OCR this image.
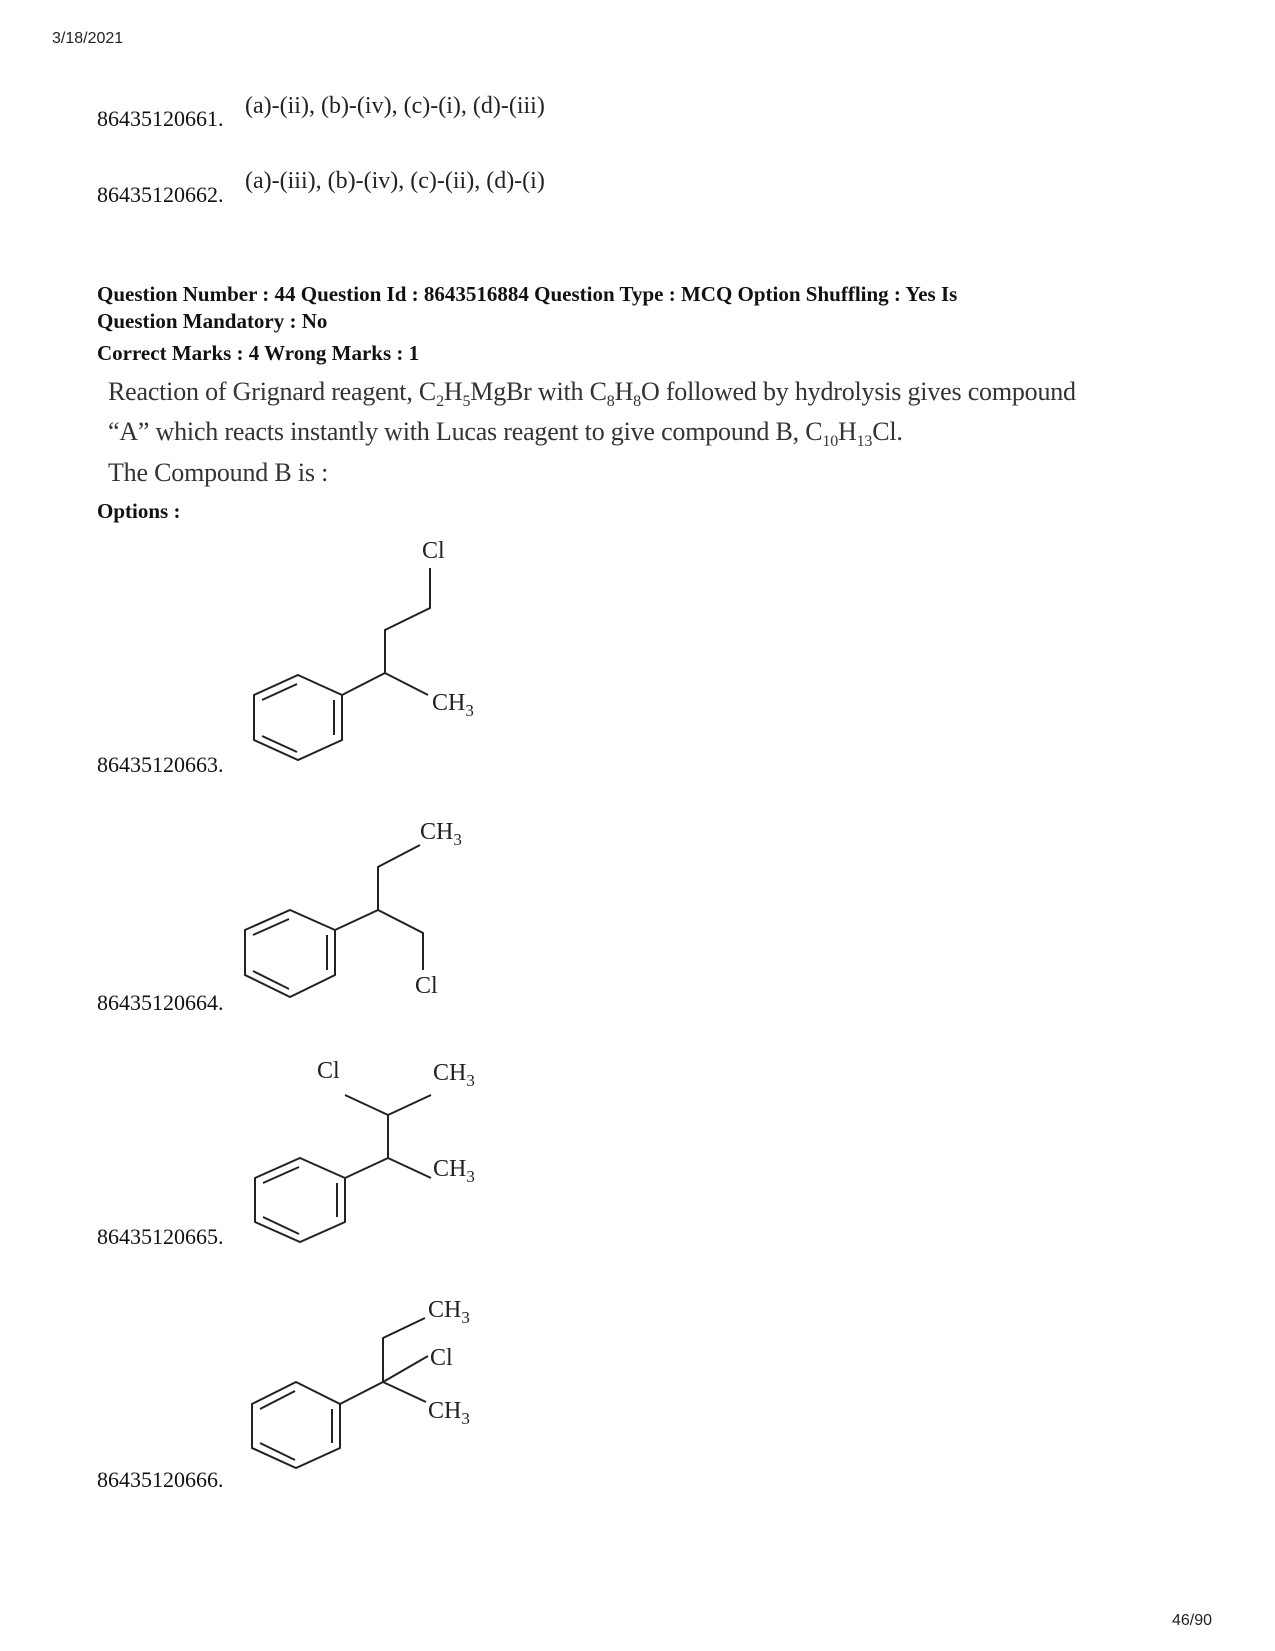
3/18/2021
46/90
86435120661. (a)-(ii), (b)-(iv), (c)-(i), (d)-(iii)
86435120662.
(a)-(iii), (b)-(iv), (c)-(ii), (d)-(i)
Question Number : 44 Question Id : 8643516884 Question Type : MCQ Option Shuffling : Yes Is
Question Mandatory : No
Correct Marks : 4 Wrong Marks : 1
Reaction of Grignard reagent, $C_2H_5MgBr$ with $C_8H_8O$ followed by hydrolysis gives compound
“A” which reacts instantly with Lucas reagent to give compound B, $C_{10}H_{13}Cl$.
The Compound B is :
Options :
86435120663.
Cl
$CH_3$
86435120664.
$CH_3$
Cl
86435120665.
Cl	$CH_3$
$CH_3$
86435120666.
$CH_3$
Cl
$CH_3$
